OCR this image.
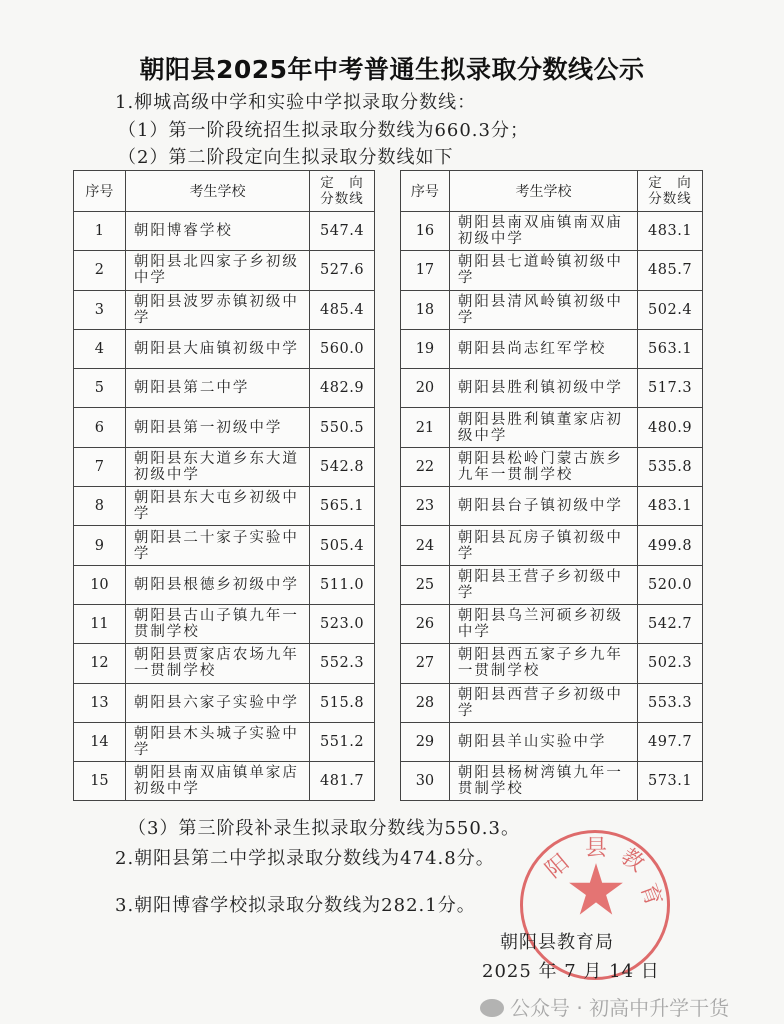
朝阳县2025年中考普通生拟录取分数线公示
1.柳城高级中学和实验中学拟录取分数线：
（1）第一阶段统招生拟录取分数线为660.3分；
（2）第二阶段定向生拟录取分数线如下
序号	考生学校	定　向
分数线
1	朝阳博睿学校	547.4
2	朝阳县北四家子乡初级中学	527.6
3	朝阳县波罗赤镇初级中学	485.4
4	朝阳县大庙镇初级中学	560.0
5	朝阳县第二中学	482.9
6	朝阳县第一初级中学	550.5
7	朝阳县东大道乡东大道初级中学	542.8
8	朝阳县东大屯乡初级中学	565.1
9	朝阳县二十家子实验中学	505.4
10	朝阳县根德乡初级中学	511.0
11	朝阳县古山子镇九年一贯制学校	523.0
12	朝阳县贾家店农场九年一贯制学校	552.3
13	朝阳县六家子实验中学	515.8
14	朝阳县木头城子实验中学	551.2
15	朝阳县南双庙镇单家店初级中学	481.7
序号	考生学校	定　向
分数线
16	朝阳县南双庙镇南双庙初级中学	483.1
17	朝阳县七道岭镇初级中学	485.7
18	朝阳县清风岭镇初级中学	502.4
19	朝阳县尚志红军学校	563.1
20	朝阳县胜利镇初级中学	517.3
21	朝阳县胜利镇董家店初级中学	480.9
22	朝阳县松岭门蒙古族乡九年一贯制学校	535.8
23	朝阳县台子镇初级中学	483.1
24	朝阳县瓦房子镇初级中学	499.8
25	朝阳县王营子乡初级中学	520.0
26	朝阳县乌兰河硕乡初级中学	542.7
27	朝阳县西五家子乡九年一贯制学校	502.3
28	朝阳县西营子乡初级中学	553.3
29	朝阳县羊山实验中学	497.7
30	朝阳县杨树湾镇九年一贯制学校	573.1
阳
县 教
育
（3）第三阶段补录生拟录取分数线为550.3。
2.朝阳县第二中学拟录取分数线为474.8分。
3.朝阳博睿学校拟录取分数线为282.1分。
朝阳县教育局
2025 年 7 月 14 日
公众号 · 初高中升学干货
